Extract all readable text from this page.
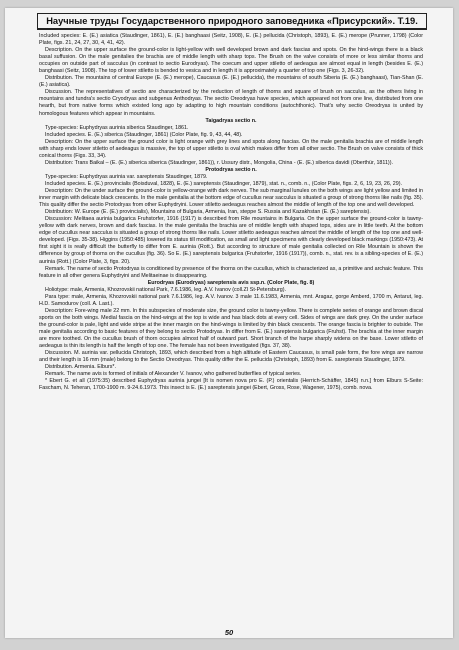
Научные труды Государственного природного заповедника «Присурский». Т.19.

Included species: E. (E.) asiatica (Staudinger, 1861), E. (E.) banghaasi (Seitz, 1908), E. (E.) pellucida (Christoph, 1893), E. (E.) merope (Prunner, 1798) (Color Plate, figs. 21, 24, 27, 30, 4, 41, 42).

Description. On the upper surface the ground-color is light-yellow with well developed brown and dark fascias and spots. On the hind-wings there is a black basal suffusion. On the male genitalies the brachia are of middle length with sharp tops. The Brush on the valve consists of more or less similar thorns and occupies on outside part of sacculus (in contrast to sectio Eurodryas). The coecum and upper stiletto of aedeagus are almost equal in length (besides E. (E.) banghaasi (Seitz, 1908). The top of lower stiletto is bended to vesica and in length it is approximately a quarter of top one (Figs. 3, 26-32).

Distribution. The mountains of central Europe (E. (E.) merope), Caucasus (E. (E.) pellucida), the mountains of south Siberia (E. (E.) banghaasi), Tian-Shan (E. (E.) asiatica).

Discussion. The representatives of sectio are characterized by the reduction of length of thorns and square of brush on sacculus, as the others living in mountains and tundra's sectio Cryodryas and subgenus Anthodryas. The sectio Oreodryas have species, which appeared not from one line, distributed from one hearth, but from native forms which existed long ago by adapting to high mountain conditions (autochthonic). That's why sectio Oreodryas is united by homologous features which appear in mountains.

Taigadryas sectio n.

Type-species: Euphydryas aurinia siberica Staudinger, 1861.

Included species. E. (E.) siberica (Staudinger, 1861) (Color Plate, fig. 9, 43, 44, 48).

Description: On the upper surface the ground color is light orange with grey lines and spots along fascias. On the male genitalia brachia are of middle length with sharp ends lower stiletto of aedeagus is massive, the top of upper stiletto is oval which makes differ from all other sectio. The Brush on valve consists of thick conical thorns (Figs. 33, 34).

Distribution: Trans Baikal – (E. (E.) siberica siberica (Staudinger, 1861)), r. Ussury distr., Mongolia, China - (E. (E.) siberica davidi (Oberthür, 1811)).

Protodryas sectio n.

Type-species: Euphydryas aurinia var. sareptensis Staudinger, 1879.

Included species. E. (E.) provincialis (Boisduval, 1828), E. (E.) sareptensis (Staudinger, 1879), stat. n., comb. n., (Color Plate, figs. 2, 6, 19, 23, 26, 29).

Description: On the under surface the ground-color is yellow-orange with dark nerves. The sub marginal lunules on the both wings are light yellow and limited in inner margin with delicate black crescents. In the male genitalia at the bottom edge of cucullus near sacculus is situated a group of strong thorns like nails (fig. 35). This quality differ the sectio Protodryas from other Euphydryini. Lower stiletto aedeagus reaches almost the middle of length of the top one and well developed.

Distribution: W. Europe (E. (E.) provincialis), Mountains of Bulgaria, Armenia, Iran, steppe S. Russia and Kazakhstan (E. (E.) sareptensis).

Discussion: Melitaea aurinia bulgarica Fruhstorfer, 1916 (1917) is described from Rile mountains in Bulgaria. On the upper surface the ground-color is tawny-yellow with dark nerves, brown and dark fascias. In the male genitalia the brachia are of middle length with shaped tops, sides are in little teeth. At the bottom edge of cucullus near sacculus is situated a group of strong thorns like nails. Lower stiletto aedeagus reaches almost the middle of length of the top one and well-developed. (Figs. 35-38). Higgins (1950:485) lowered its status till modification, as small and light specimens with clearly developed black markings (1950:473). At first sight it is really difficult the butterfly to differ from E. aurinia (Rott.). But according to structure of male genitalia collected on Rile Mountain is shown the difference by group of thorns on the cucullus (fig. 36). So E. (E.) sareptensis bulgarica (Fruhstorfer, 1916 (1917)), comb. n., stat. rev. is a sibling-species of E. (E.) aurinia (Rott.) (Color Plate, 3, figs. 20).

Remark. The name of sectio Protodryas is conditioned by presence of the thorns on the cucullus, which is characterized as, a primitive and archaic feature. This feature in all other genera Euphydryini and Melitaeinae is disappearing.

Eurodryas (Eurodryas) sareptensis avis ssp.n. (Color Plate, fig. 8)

Holiotype: male, Armenia, Khozrovskii national Park, 7.6.1986, leg. A.V. Ivanov (coll.ZI St-Petersburg).

Para type: male, Armenia, Khozrovskii national park 7.6.1986, leg. A.V. Ivanov. 3 male 11.6.1983, Armenia, mnt. Aragaz, gorge Amberd, 1700 m, Antarut, leg. H.D. Samodurov (coll. A. Last.).

Description: Fore-wing male 22 mm. In this subspecies of moderate size, the ground color is tawny-yellow. There is complete series of orange and brown discal sports on the both wings. Medial fascia on the hind-wings at the top is wide and has black dots at every cell. Sides of wings are dark grey. On the under surface the ground-color is pale, light and wide stripe at the inner margin on the hind-wings is limited by thin black crescents. The orange fascia is brighter to outside. The male genitalia according to basic features of they belong to sectio Protodryas. In differ from E. (E.) sareptensis bulgarica (Fruhst). The brachia at the inner margin are more toothed. On the cucullus brush of thorn occupies almost half of outward part. Short branch of the harpe sharply widens on the base. Lower stiletto of aedeagus is thin its length is half the length of top one. The female has not been investigated (figs. 37, 38).

Discussion. M. aurinia var. pellucida Christoph, 1893, which described from a high altitude of Eastern Caucasus, is small pale form, the fore wings are narrow and their length is 16 mm (male) belong to the Sectio Oreodryas. This quality differ the E. pellucida (Christoph, 1893) from E. sareptensis Staudinger, 1879.

Distribution. Armenia. Elburs*.

Remark. The name avis is formed of initials of Alexander V. Ivanov, who gathered butterflies of typical series.

* Ebert G. et all (1975:35) described Euphydryas aurinia jungei [It is nomen nova pro E. (P.) orientalis (Herrich-Schäffer, 1845) n.n.] from Elburs S-Seite: Fascham, N. Teheran, 1700-1900 m. 9-24.6.1973. This insect is E. (E.) sareptensis jungei (Ebert, Gross, Rose, Wagener, 1975), comb. nova.

50
